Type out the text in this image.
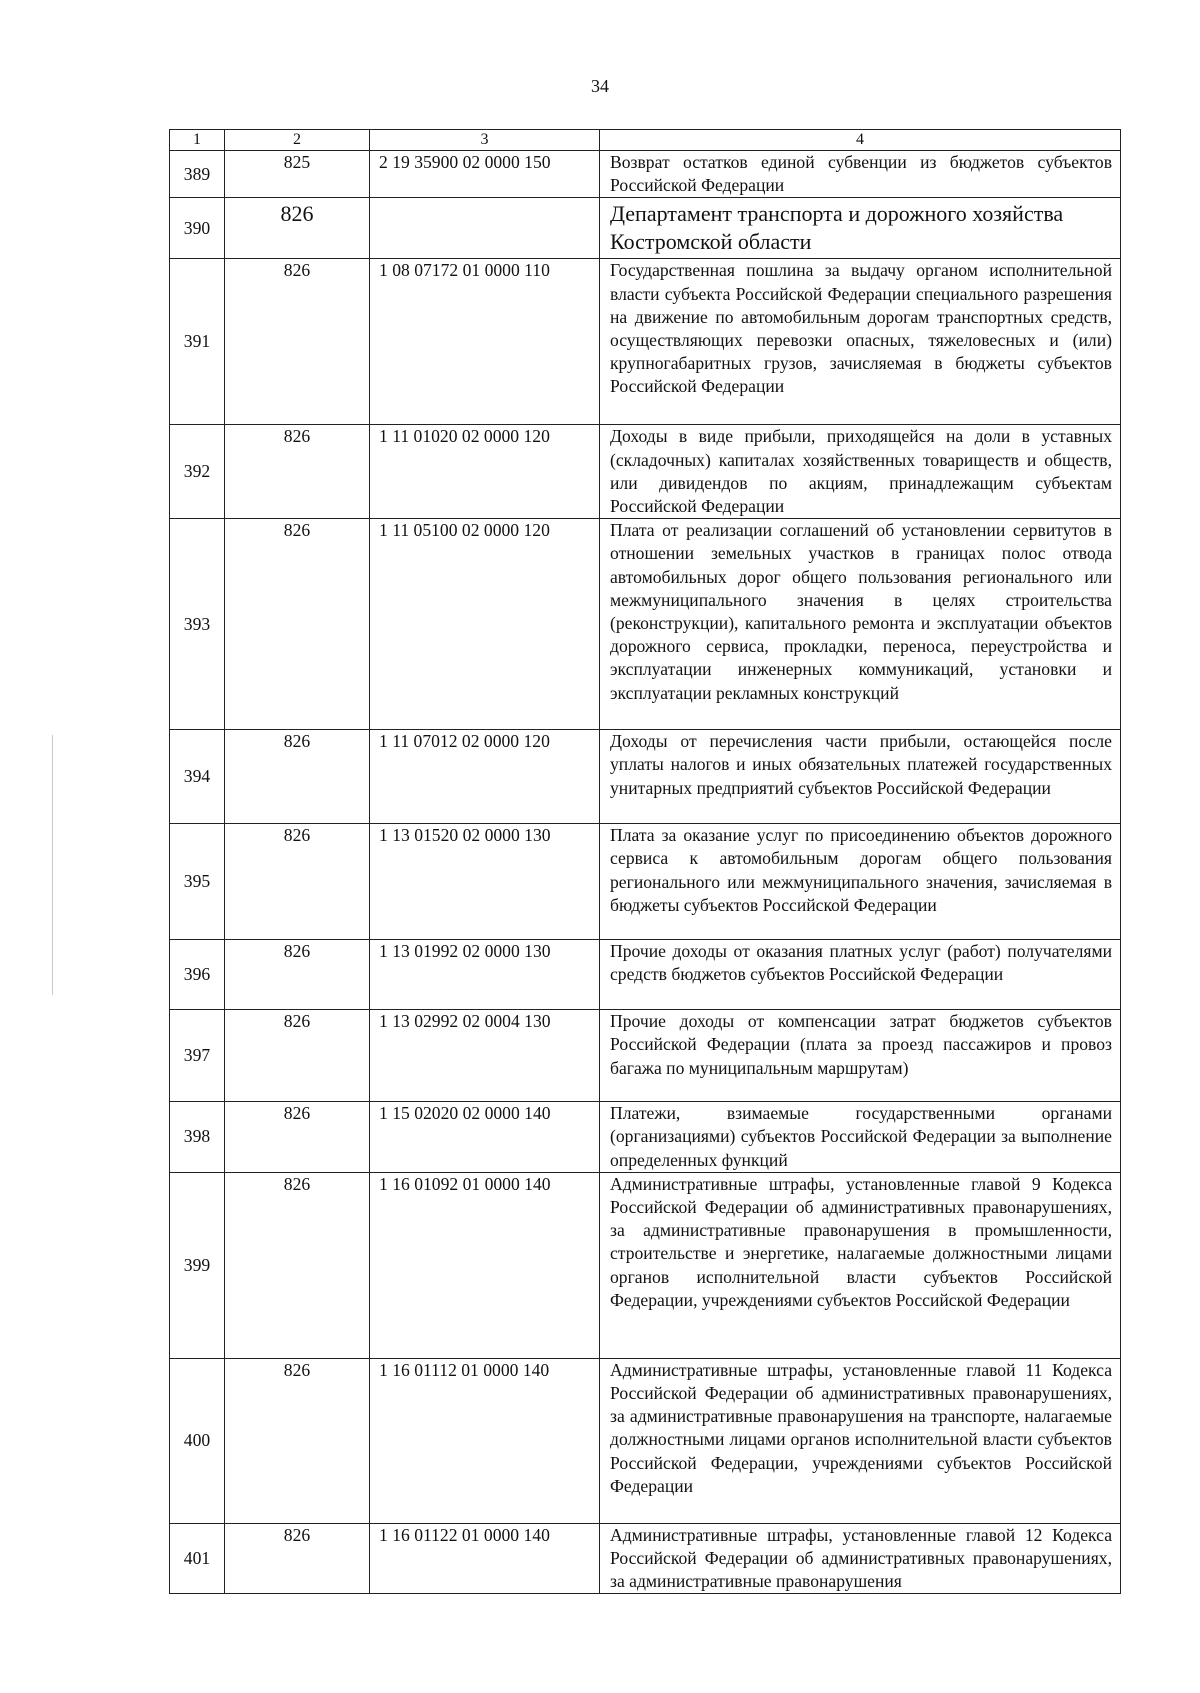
34
1	2	3	4
389	825	2 19 35900 02 0000 150	Возврат остатков единой субвенции из бюджетов субъектов Российской Федерации
390	826		Департамент транспорта и дорожного хозяйства Костромской области
391	826	1 08 07172 01 0000 110	Государственная пошлина за выдачу органом исполнительной власти субъекта Российской Федерации специального разрешения на движение по автомобильным дорогам транспортных средств, осуществляющих перевозки опасных, тяжеловесных и (или) крупногабаритных грузов, зачисляемая в бюджеты субъектов Российской Федерации
392	826	1 11 01020 02 0000 120	Доходы в виде прибыли, приходящейся на доли в уставных (складочных) капиталах хозяйственных товариществ и обществ, или дивидендов по акциям, принадлежащим субъектам Российской Федерации
393	826	1 11 05100 02 0000 120	Плата от реализации соглашений об установлении сервитутов в отношении земельных участков в границах полос отвода автомобильных дорог общего пользования регионального или межмуниципального значения в целях строительства (реконструкции), капитального ремонта и эксплуатации объектов дорожного сервиса, прокладки, переноса, переустройства и эксплуатации инженерных коммуникаций, установки и эксплуатации рекламных конструкций
394	826	1 11 07012 02 0000 120	Доходы от перечисления части прибыли, остающейся после уплаты налогов и иных обязательных платежей государственных унитарных предприятий субъектов Российской Федерации
395	826	1 13 01520 02 0000 130	Плата за оказание услуг по присоединению объектов дорожного сервиса к автомобильным дорогам общего пользования регионального или межмуниципального значения, зачисляемая в бюджеты субъектов Российской Федерации
396	826	1 13 01992 02 0000 130	Прочие доходы от оказания платных услуг (работ) получателями средств бюджетов субъектов Российской Федерации
397	826	1 13 02992 02 0004 130	Прочие доходы от компенсации затрат бюджетов субъектов Российской Федерации (плата за проезд пассажиров и провоз багажа по муниципальным маршрутам)
398	826	1 15 02020 02 0000 140	Платежи, взимаемые государственными органами (организациями) субъектов Российской Федерации за выполнение определенных функций
399	826	1 16 01092 01 0000 140	Административные штрафы, установленные главой 9 Кодекса Российской Федерации об административных правонарушениях, за административные правонарушения в промышленности, строительстве и энергетике, налагаемые должностными лицами органов исполнительной власти субъектов Российской Федерации, учреждениями субъектов Российской Федерации
400	826	1 16 01112 01 0000 140	Административные штрафы, установленные главой 11 Кодекса Российской Федерации об административных правонарушениях, за административные правонарушения на транспорте, налагаемые должностными лицами органов исполнительной власти субъектов Российской Федерации, учреждениями субъектов Российской Федерации
401	826	1 16 01122 01 0000 140	Административные штрафы, установленные главой 12 Кодекса Российской Федерации об административных правонарушениях, за административные правонарушения
